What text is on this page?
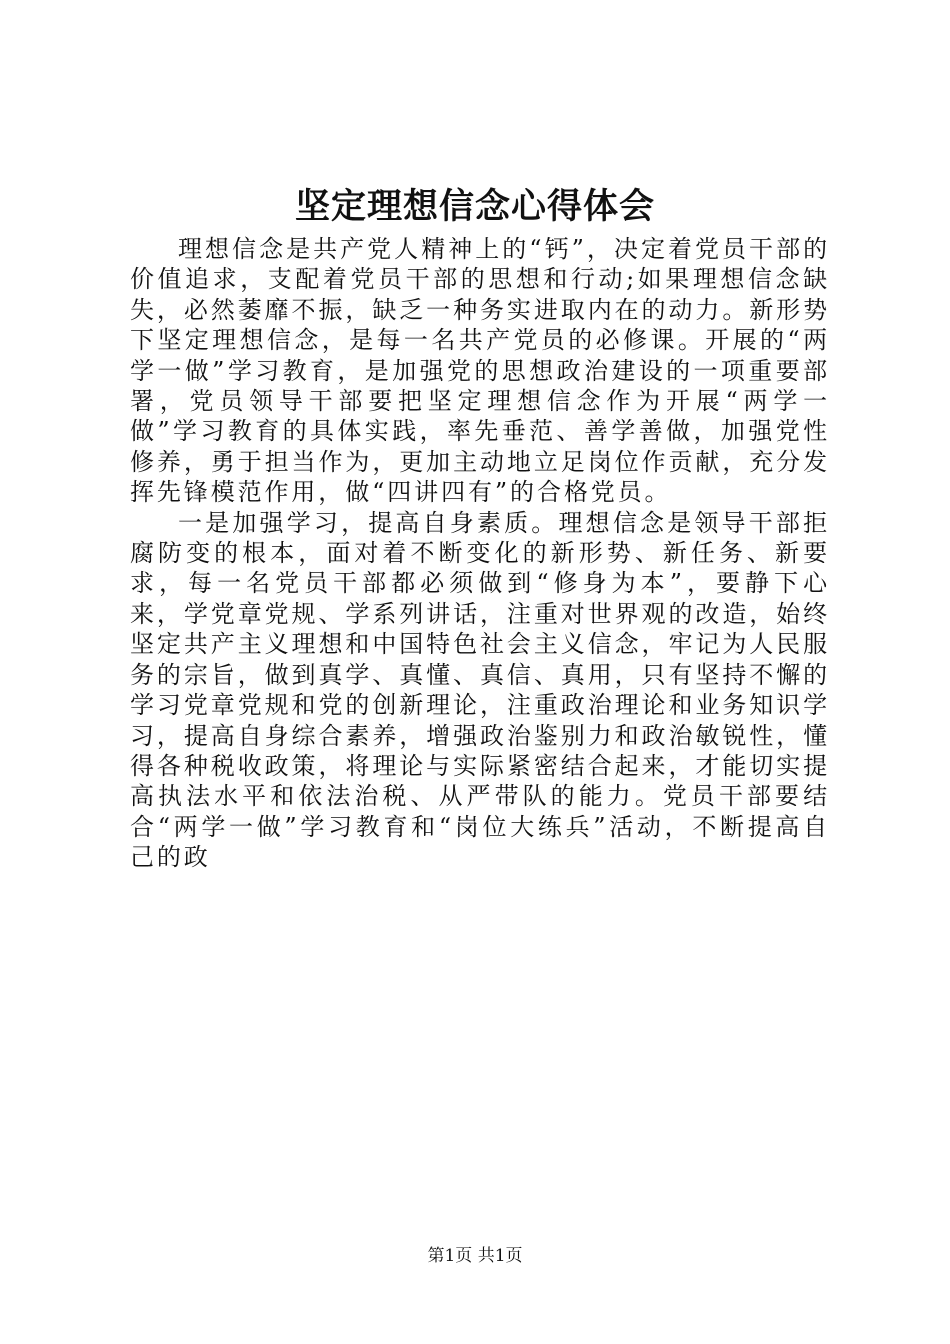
坚定理想信念心得体会

理想信念是共产党人精神上的“钙”，决定着党员干部的价值追求，支配着党员干部的思想和行动;如果理想信念缺失，必然萎靡不振，缺乏一种务实进取内在的动力。新形势下坚定理想信念，是每一名共产党员的必修课。开展的“两学一做”学习教育，是加强党的思想政治建设的一项重要部署，党员领导干部要把坚定理想信念作为开展“两学一做”学习教育的具体实践，率先垂范、善学善做，加强党性修养，勇于担当作为，更加主动地立足岗位作贡献，充分发挥先锋模范作用，做“四讲四有”的合格党员。

一是加强学习，提高自身素质。理想信念是领导干部拒腐防变的根本，面对着不断变化的新形势、新任务、新要求，每一名党员干部都必须做到“修身为本”，要静下心来，学党章党规、学系列讲话，注重对世界观的改造，始终坚定共产主义理想和中国特色社会主义信念，牢记为人民服务的宗旨，做到真学、真懂、真信、真用，只有坚持不懈的学习党章党规和党的创新理论，注重政治理论和业务知识学习，提高自身综合素养，增强政治鉴别力和政治敏锐性，懂得各种税收政策，将理论与实际紧密结合起来，才能切实提高执法水平和依法治税、从严带队的能力。党员干部要结合“两学一做”学习教育和“岗位大练兵”活动，不断提高自己的政

第1页 共1页
